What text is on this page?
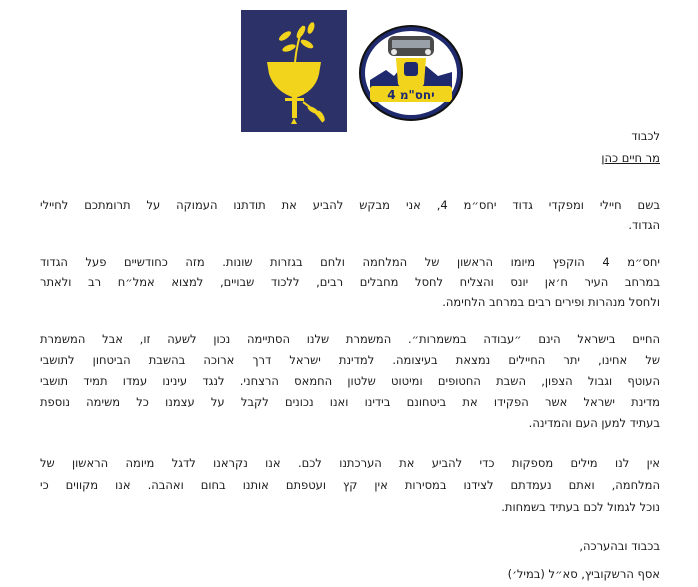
יחס"מ 4
לכבוד
מר חיים כהן
בשם חיילי ומפקדי גדוד יחס״מ 4, אני מבקש להביע את תודתנו העמוקה על תרומתכם לחיילי
הגדוד.
יחס״מ 4 הוקפץ מיומו הראשון של המלחמה ולחם בגזרות שונות. מזה כחודשיים פעל הגדוד
במרחב העיר ח׳אן יונס והצליח לחסל מחבלים רבים, ללכוד שבויים, למצוא אמל״ח רב ולאתר
ולחסל מנהרות ופירים רבים במרחב הלחימה.
החיים בישראל הינם ״עבודה במשמרות״. המשמרת שלנו הסתיימה נכון לשעה זו, אבל המשמרת
של אחינו, יתר החיילים נמצאת בעיצומה. למדינת ישראל דרך ארוכה בהשבת הביטחון לתושבי
העוטף וגבול הצפון, השבת החטופים ומיטוט שלטון החמאס הרצחני. לנגד עינינו עמדו תמיד תושבי
מדינת ישראל אשר הפקידו את ביטחונם בידינו ואנו נכונים לקבל על עצמנו כל משימה נוספת
בעתיד למען העם והמדינה.
אין לנו מילים מספקות כדי להביע את הערכתנו לכם. אנו נקראנו לדגל מיומה הראשון של
המלחמה, ואתם נעמדתם לצידנו במסירות אין קץ ועטפתם אותנו בחום ואהבה. אנו מקווים כי
נוכל לגמול לכם בעתיד בשמחות.
בכבוד ובהערכה,
אסף הרשקוביץ, סא״ל (במיל׳)
